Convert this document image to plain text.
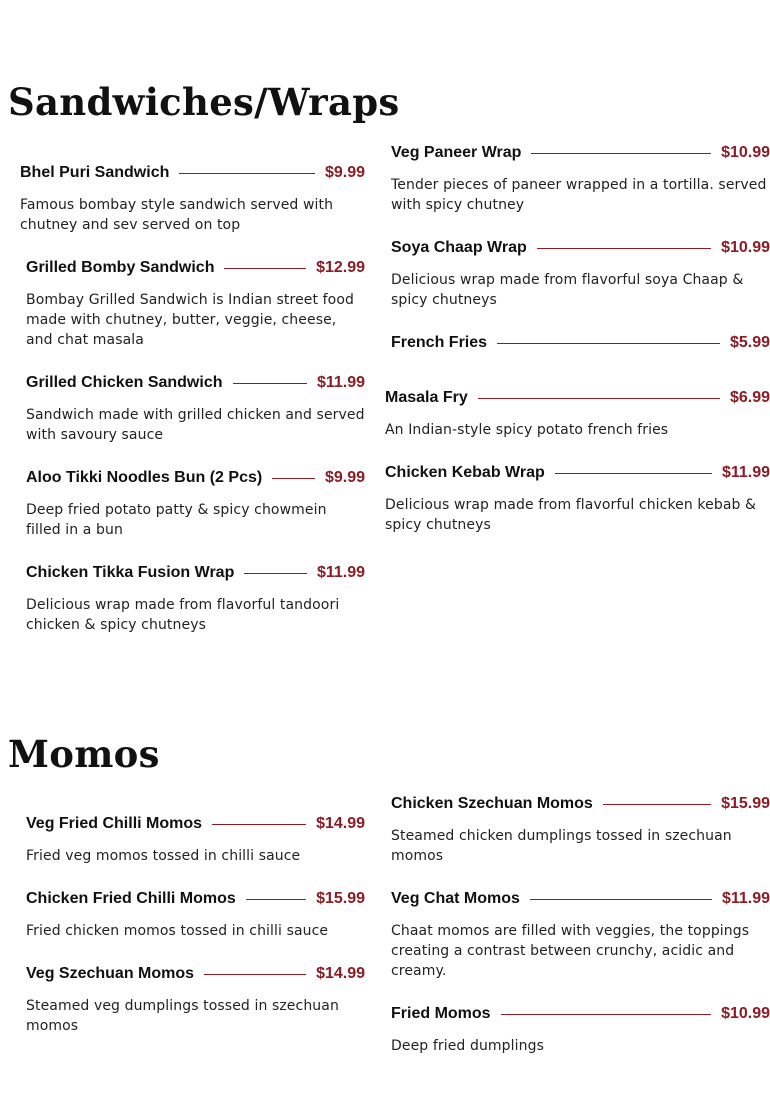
Sandwiches/Wraps
Momos
Bhel Puri Sandwich	$9.99
Famous bombay style sandwich served with chutney and sev served on top
Grilled Bomby Sandwich	$12.99
Bombay Grilled Sandwich is Indian street food made with chutney, butter, veggie, cheese, and chat masala
Grilled Chicken Sandwich	$11.99
Sandwich made with grilled chicken and served with savoury sauce
Aloo Tikki Noodles Bun (2 Pcs)	$9.99
Deep fried potato patty & spicy chowmein filled in a bun
Chicken Tikka Fusion Wrap	$11.99
Delicious wrap made from flavorful tandoori chicken & spicy chutneys
Veg Paneer Wrap	$10.99
Tender pieces of paneer wrapped in a tortilla. served with spicy chutney
Soya Chaap Wrap	$10.99
Delicious wrap made from flavorful soya Chaap & spicy chutneys
French Fries	$5.99
Masala Fry	$6.99
An Indian-style spicy potato french fries
Chicken Kebab Wrap	$11.99
Delicious wrap made from flavorful chicken kebab & spicy chutneys
Veg Fried Chilli Momos	$14.99
Fried veg momos tossed in chilli sauce
Chicken Fried Chilli Momos	$15.99
Fried chicken momos tossed in chilli sauce
Veg Szechuan Momos	$14.99
Steamed veg dumplings tossed in szechuan momos
Chicken Szechuan Momos	$15.99
Steamed chicken dumplings tossed in szechuan momos
Veg Chat Momos	$11.99
Chaat momos are filled with veggies, the toppings creating a contrast between crunchy, acidic and creamy.
Fried Momos	$10.99
Deep fried dumplings
